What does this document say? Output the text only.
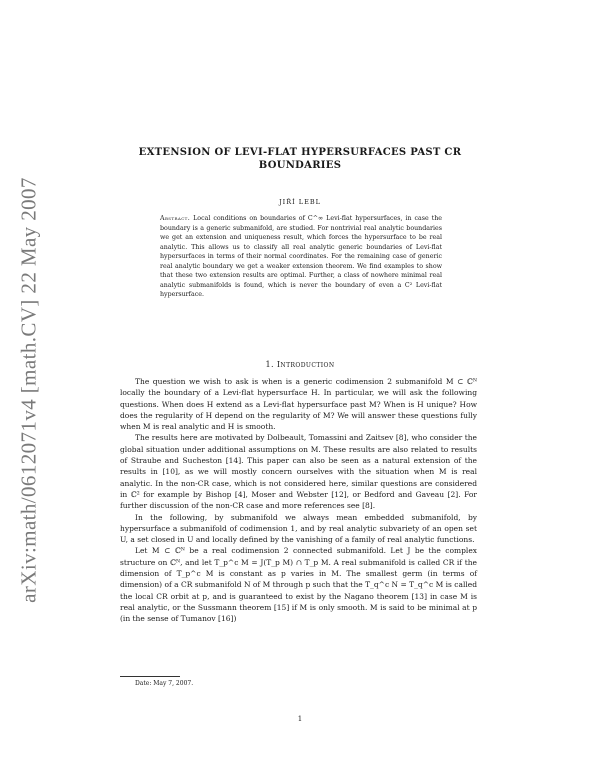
arXiv:math/0612071v4 [math.CV] 22 May 2007
EXTENSION OF LEVI-FLAT HYPERSURFACES PAST CR
BOUNDARIES
JIŘÍ LEBL
Abstract. Local conditions on boundaries of C^∞ Levi-flat hypersurfaces, in case the boundary is a generic submanifold, are studied. For nontrivial real analytic boundaries we get an extension and uniqueness result, which forces the hypersurface to be real analytic. This allows us to classify all real analytic generic boundaries of Levi-flat hypersurfaces in terms of their normal coordinates. For the remaining case of generic real analytic boundary we get a weaker extension theorem. We find examples to show that these two extension results are optimal. Further, a class of nowhere minimal real analytic submanifolds is found, which is never the boundary of even a C² Levi-flat hypersurface.
1. Introduction

The question we wish to ask is when is a generic codimension 2 submanifold M ⊂ ℂᴺ locally the boundary of a Levi-flat hypersurface H. In particular, we will ask the following questions. When does H extend as a Levi-flat hypersurface past M? When is H unique? How does the regularity of H depend on the regularity of M? We will answer these questions fully when M is real analytic and H is smooth.

The results here are motivated by Dolbeault, Tomassini and Zaitsev [8], who consider the global situation under additional assumptions on M. These results are also related to results of Straube and Sucheston [14]. This paper can also be seen as a natural extension of the results in [10], as we will mostly concern ourselves with the situation when M is real analytic. In the non-CR case, which is not considered here, similar questions are considered in ℂ² for example by Bishop [4], Moser and Webster [12], or Bedford and Gaveau [2]. For further discussion of the non-CR case and more references see [8].

In the following, by submanifold we always mean embedded submanifold, by hypersurface a submanifold of codimension 1, and by real analytic subvariety of an open set U, a set closed in U and locally defined by the vanishing of a family of real analytic functions.

Let M ⊂ ℂᴺ be a real codimension 2 connected submanifold. Let J be the complex structure on ℂᴺ, and let T_p^c M = J(T_p M) ∩ T_p M. A real submanifold is called CR if the dimension of T_p^c M is constant as p varies in M. The smallest germ (in terms of dimension) of a CR submanifold N of M through p such that the T_q^c N = T_q^c M is called the local CR orbit at p, and is guaranteed to exist by the Nagano theorem [13] in case M is real analytic, or the Sussmann theorem [15] if M is only smooth. M is said to be minimal at p (in the sense of Tumanov [16])

Date: May 7, 2007.
1
